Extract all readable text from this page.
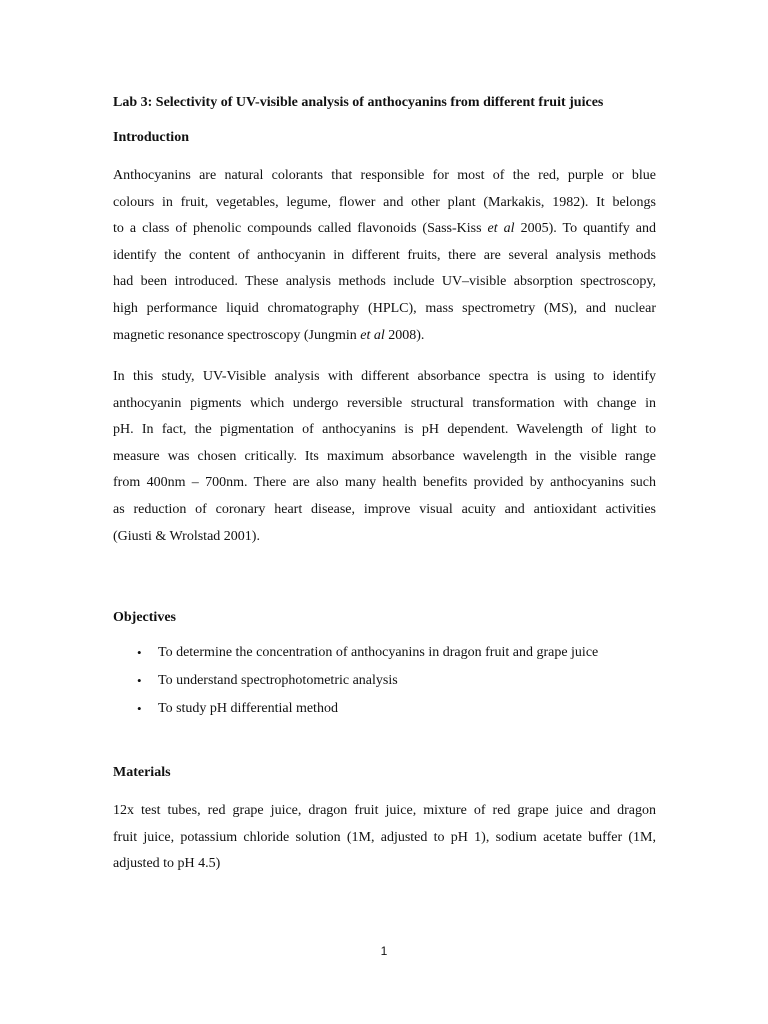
Lab 3: Selectivity of UV-visible analysis of anthocyanins from different fruit juices
Introduction
Anthocyanins are natural colorants that responsible for most of the red, purple or blue
colours in fruit, vegetables, legume, flower and other plant (Markakis, 1982). It belongs
to a class of phenolic compounds called flavonoids (Sass-Kiss et al 2005). To quantify and
identify the content of anthocyanin in different fruits, there are several analysis methods
had been introduced. These analysis methods include UV–visible absorption spectroscopy,
high performance liquid chromatography (HPLC), mass spectrometry (MS), and nuclear
magnetic resonance spectroscopy (Jungmin et al 2008).
In this study, UV-Visible analysis with different absorbance spectra is using to identify
anthocyanin pigments which undergo reversible structural transformation with change in
pH. In fact, the pigmentation of anthocyanins is pH dependent. Wavelength of light to
measure was chosen critically. Its maximum absorbance wavelength in the visible range
from 400nm – 700nm. There are also many health benefits provided by anthocyanins such
as reduction of coronary heart disease, improve visual acuity and antioxidant activities
(Giusti & Wrolstad 2001).
Objectives
•	To determine the concentration of anthocyanins in dragon fruit and grape juice
•	To understand spectrophotometric analysis
•	To study pH differential method
Materials
12x test tubes, red grape juice, dragon fruit juice, mixture of red grape juice and dragon
fruit juice, potassium chloride solution (1M, adjusted to pH 1), sodium acetate buffer (1M,
adjusted to pH 4.5)
1
